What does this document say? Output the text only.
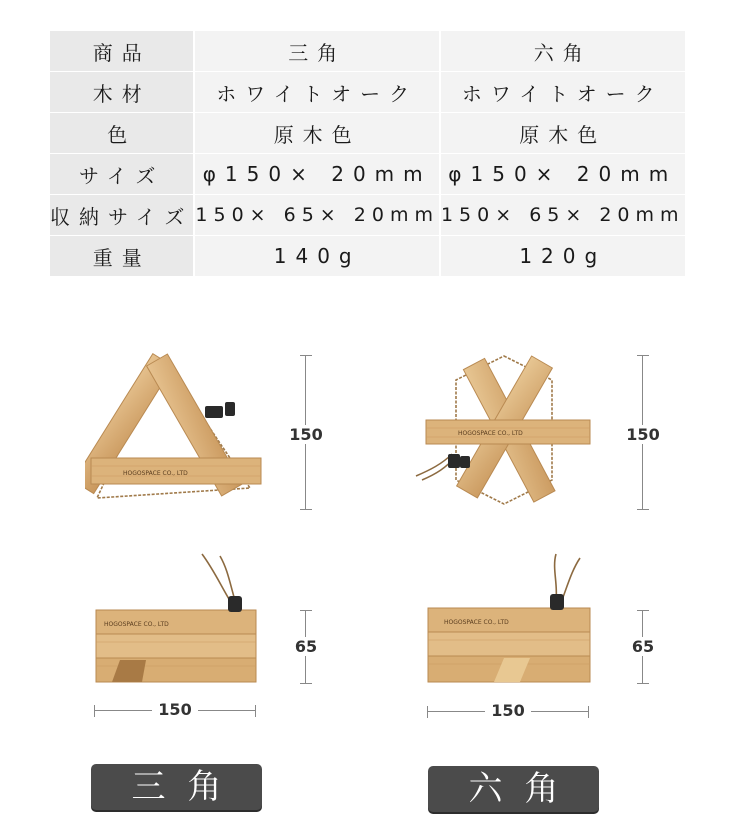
商品	三角	六角
木材	ホワイトオーク	ホワイトオーク
色	原木色	原木色
サイズ	φ150× 20mm	φ150× 20mm
収納サイズ	150× 65× 20mm	150× 65× 20mm
重量	140g	120g
HOGOSPACE CO., LTD
150	HOGOSPACE CO., LTD	150
HOGOSPACE CO., LTD
65
150
HOGOSPACE CO., LTD
65
150
三角	六角
